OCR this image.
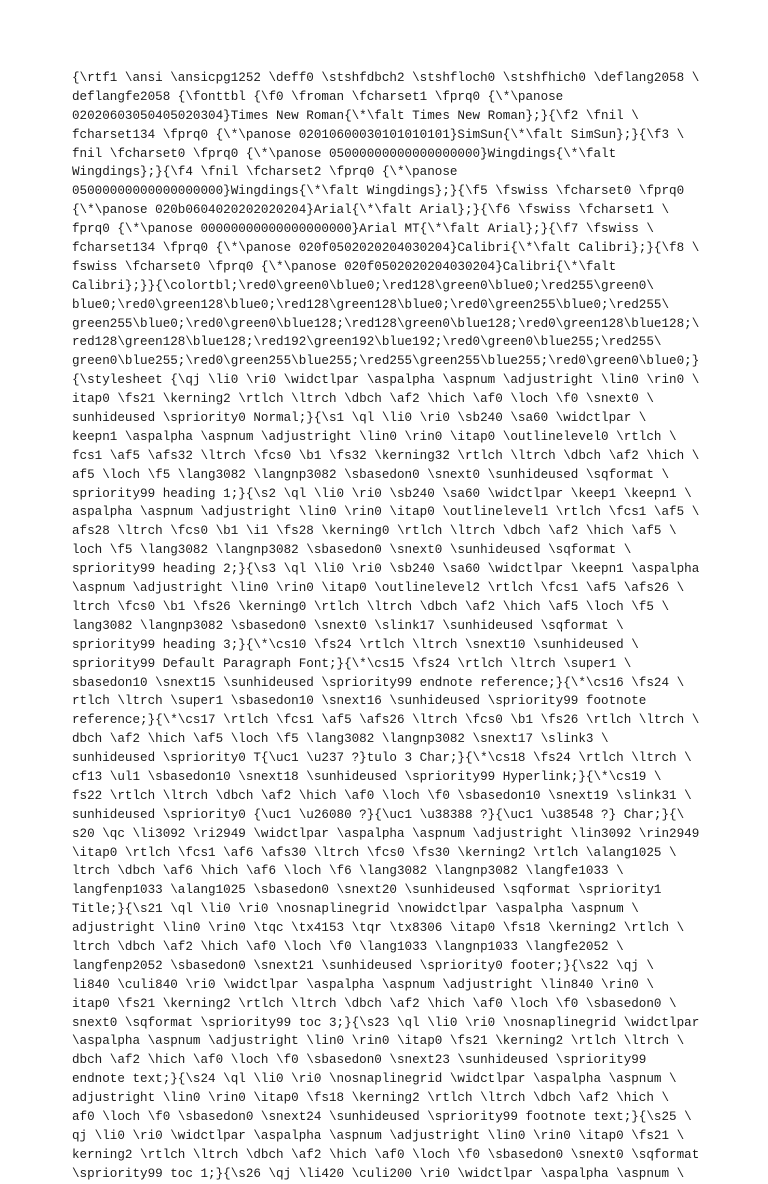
{\rtf1 \ansi \ansicpg1252 \deff0 \stshfdbch2 \stshfloch0 \stshfhich0 \deflang2058 \
deflangfe2058 {\fonttbl {\f0 \froman \fcharset1 \fprq0 {\*\panose
02020603050405020304}Times New Roman{\*\falt Times New Roman};}{\f2 \fnil \
fcharset134 \fprq0 {\*\panose 02010600030101010101}SimSun{\*\falt SimSun};}{\f3 \
fnil \fcharset0 \fprq0 {\*\panose 05000000000000000000}Wingdings{\*\falt
Wingdings};}{\f4 \fnil \fcharset2 \fprq0 {\*\panose
05000000000000000000}Wingdings{\*\falt Wingdings};}{\f5 \fswiss \fcharset0 \fprq0
{\*\panose 020b0604020202020204}Arial{\*\falt Arial};}{\f6 \fswiss \fcharset1 \
fprq0 {\*\panose 00000000000000000000}Arial MT{\*\falt Arial};}{\f7 \fswiss \
fcharset134 \fprq0 {\*\panose 020f0502020204030204}Calibri{\*\falt Calibri};}{\f8 \
fswiss \fcharset0 \fprq0 {\*\panose 020f0502020204030204}Calibri{\*\falt
Calibri};}}{\colortbl;\red0\green0\blue0;\red128\green0\blue0;\red255\green0\
blue0;\red0\green128\blue0;\red128\green128\blue0;\red0\green255\blue0;\red255\
green255\blue0;\red0\green0\blue128;\red128\green0\blue128;\red0\green128\blue128;\
red128\green128\blue128;\red192\green192\blue192;\red0\green0\blue255;\red255\
green0\blue255;\red0\green255\blue255;\red255\green255\blue255;\red0\green0\blue0;}
{\stylesheet {\qj \li0 \ri0 \widctlpar \aspalpha \aspnum \adjustright \lin0 \rin0 \
itap0 \fs21 \kerning2 \rtlch \ltrch \dbch \af2 \hich \af0 \loch \f0 \snext0 \
sunhideused \spriority0 Normal;}{\s1 \ql \li0 \ri0 \sb240 \sa60 \widctlpar \
keepn1 \aspalpha \aspnum \adjustright \lin0 \rin0 \itap0 \outlinelevel0 \rtlch \
fcs1 \af5 \afs32 \ltrch \fcs0 \b1 \fs32 \kerning32 \rtlch \ltrch \dbch \af2 \hich \
af5 \loch \f5 \lang3082 \langnp3082 \sbasedon0 \snext0 \sunhideused \sqformat \
spriority99 heading 1;}{\s2 \ql \li0 \ri0 \sb240 \sa60 \widctlpar \keep1 \keepn1 \
aspalpha \aspnum \adjustright \lin0 \rin0 \itap0 \outlinelevel1 \rtlch \fcs1 \af5 \
afs28 \ltrch \fcs0 \b1 \i1 \fs28 \kerning0 \rtlch \ltrch \dbch \af2 \hich \af5 \
loch \f5 \lang3082 \langnp3082 \sbasedon0 \snext0 \sunhideused \sqformat \
spriority99 heading 2;}{\s3 \ql \li0 \ri0 \sb240 \sa60 \widctlpar \keepn1 \aspalpha
\aspnum \adjustright \lin0 \rin0 \itap0 \outlinelevel2 \rtlch \fcs1 \af5 \afs26 \
ltrch \fcs0 \b1 \fs26 \kerning0 \rtlch \ltrch \dbch \af2 \hich \af5 \loch \f5 \
lang3082 \langnp3082 \sbasedon0 \snext0 \slink17 \sunhideused \sqformat \
spriority99 heading 3;}{\*\cs10 \fs24 \rtlch \ltrch \snext10 \sunhideused \
spriority99 Default Paragraph Font;}{\*\cs15 \fs24 \rtlch \ltrch \super1 \
sbasedon10 \snext15 \sunhideused \spriority99 endnote reference;}{\*\cs16 \fs24 \
rtlch \ltrch \super1 \sbasedon10 \snext16 \sunhideused \spriority99 footnote
reference;}{\*\cs17 \rtlch \fcs1 \af5 \afs26 \ltrch \fcs0 \b1 \fs26 \rtlch \ltrch \
dbch \af2 \hich \af5 \loch \f5 \lang3082 \langnp3082 \snext17 \slink3 \
sunhideused \spriority0 T{\uc1 \u237 ?}tulo 3 Char;}{\*\cs18 \fs24 \rtlch \ltrch \
cf13 \ul1 \sbasedon10 \snext18 \sunhideused \spriority99 Hyperlink;}{\*\cs19 \
fs22 \rtlch \ltrch \dbch \af2 \hich \af0 \loch \f0 \sbasedon10 \snext19 \slink31 \
sunhideused \spriority0 {\uc1 \u26080 ?}{\uc1 \u38388 ?}{\uc1 \u38548 ?} Char;}{\
s20 \qc \li3092 \ri2949 \widctlpar \aspalpha \aspnum \adjustright \lin3092 \rin2949
\itap0 \rtlch \fcs1 \af6 \afs30 \ltrch \fcs0 \fs30 \kerning2 \rtlch \alang1025 \
ltrch \dbch \af6 \hich \af6 \loch \f6 \lang3082 \langnp3082 \langfe1033 \
langfenp1033 \alang1025 \sbasedon0 \snext20 \sunhideused \sqformat \spriority1
Title;}{\s21 \ql \li0 \ri0 \nosnaplinegrid \nowidctlpar \aspalpha \aspnum \
adjustright \lin0 \rin0 \tqc \tx4153 \tqr \tx8306 \itap0 \fs18 \kerning2 \rtlch \
ltrch \dbch \af2 \hich \af0 \loch \f0 \lang1033 \langnp1033 \langfe2052 \
langfenp2052 \sbasedon0 \snext21 \sunhideused \spriority0 footer;}{\s22 \qj \
li840 \culi840 \ri0 \widctlpar \aspalpha \aspnum \adjustright \lin840 \rin0 \
itap0 \fs21 \kerning2 \rtlch \ltrch \dbch \af2 \hich \af0 \loch \f0 \sbasedon0 \
snext0 \sqformat \spriority99 toc 3;}{\s23 \ql \li0 \ri0 \nosnaplinegrid \widctlpar
\aspalpha \aspnum \adjustright \lin0 \rin0 \itap0 \fs21 \kerning2 \rtlch \ltrch \
dbch \af2 \hich \af0 \loch \f0 \sbasedon0 \snext23 \sunhideused \spriority99
endnote text;}{\s24 \ql \li0 \ri0 \nosnaplinegrid \widctlpar \aspalpha \aspnum \
adjustright \lin0 \rin0 \itap0 \fs18 \kerning2 \rtlch \ltrch \dbch \af2 \hich \
af0 \loch \f0 \sbasedon0 \snext24 \sunhideused \spriority99 footnote text;}{\s25 \
qj \li0 \ri0 \widctlpar \aspalpha \aspnum \adjustright \lin0 \rin0 \itap0 \fs21 \
kerning2 \rtlch \ltrch \dbch \af2 \hich \af0 \loch \f0 \sbasedon0 \snext0 \sqformat
\spriority99 toc 1;}{\s26 \qj \li420 \culi200 \ri0 \widctlpar \aspalpha \aspnum \
